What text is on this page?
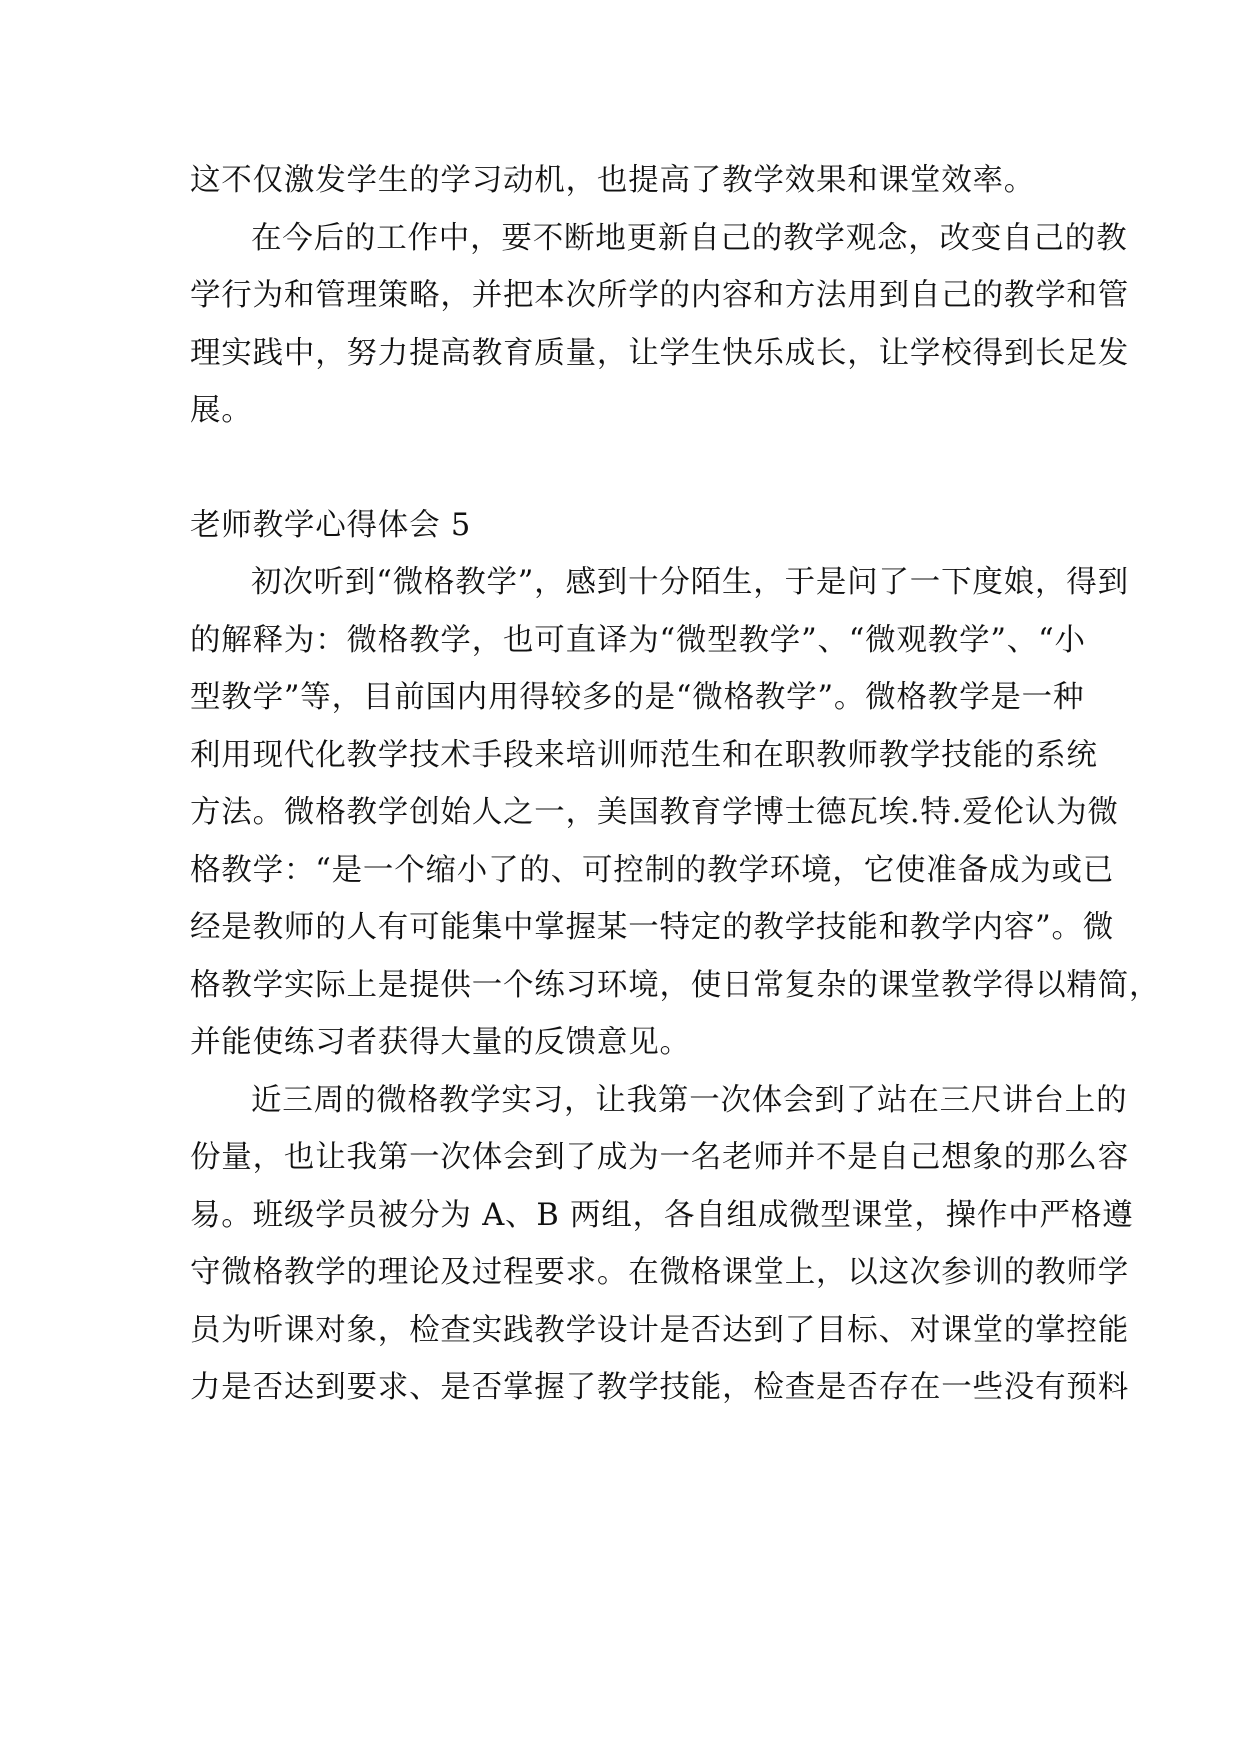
这不仅激发学生的学习动机，也提高了教学效果和课堂效率。

在今后的工作中，要不断地更新自己的教学观念，改变自己的教
学行为和管理策略，并把本次所学的内容和方法用到自己的教学和管
理实践中，努力提高教育质量，让学生快乐成长，让学校得到长足发
展。

老师教学心得体会 5

初次听到“微格教学”，感到十分陌生，于是问了一下度娘，得到
的解释为：微格教学，也可直译为“微型教学”、“微观教学”、“小
型教学”等，目前国内用得较多的是“微格教学”。微格教学是一种
利用现代化教学技术手段来培训师范生和在职教师教学技能的系统
方法。微格教学创始人之一，美国教育学博士德瓦埃.特.爱伦认为微
格教学：“是一个缩小了的、可控制的教学环境，它使准备成为或已
经是教师的人有可能集中掌握某一特定的教学技能和教学内容”。微
格教学实际上是提供一个练习环境，使日常复杂的课堂教学得以精简，
并能使练习者获得大量的反馈意见。

近三周的微格教学实习，让我第一次体会到了站在三尺讲台上的
份量，也让我第一次体会到了成为一名老师并不是自己想象的那么容
易。班级学员被分为 A、B 两组，各自组成微型课堂，操作中严格遵
守微格教学的理论及过程要求。在微格课堂上，以这次参训的教师学
员为听课对象，检查实践教学设计是否达到了目标、对课堂的掌控能
力是否达到要求、是否掌握了教学技能，检查是否存在一些没有预料
